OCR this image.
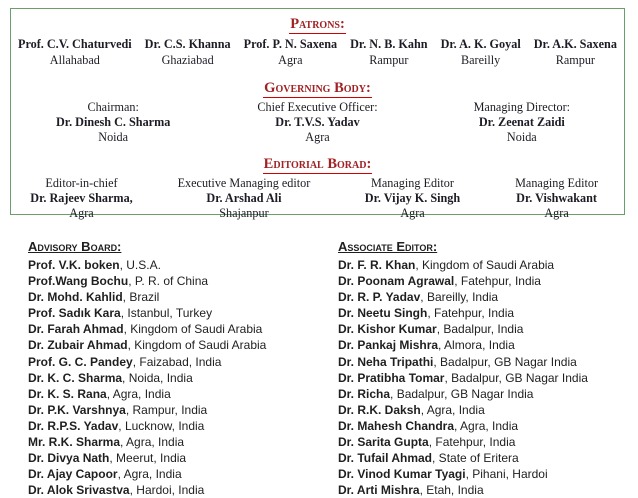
Patrons:
Prof. C.V. Chaturvedi
Allahabad
Dr. C.S. Khanna
Ghaziabad
Prof. P. N. Saxena
Agra
Dr. N. B. Kahn
Rampur
Dr. A. K. Goyal
Bareilly
Dr. A.K. Saxena
Rampur
Governing Body:
Chairman:
Dr. Dinesh C. Sharma
Noida
Chief Executive Officer:
Dr. T.V.S. Yadav
Agra
Managing Director:
Dr. Zeenat Zaidi
Noida
Editorial Borad:
Editor-in-chief
Dr. Rajeev Sharma,
Agra
Executive Managing editor
Dr. Arshad Ali
Shajanpur
Managing Editor
Dr. Vijay K. Singh
Agra
Managing Editor
Dr. Vishwakant
Agra
Advisory Board:
Prof. V.K. boken, U.S.A.
Prof.Wang Bochu, P. R. of China
Dr. Mohd. Kahlid, Brazil
Prof. Sadık Kara, Istanbul, Turkey
Dr. Farah Ahmad, Kingdom of Saudi Arabia
Dr. Zubair Ahmad, Kingdom of Saudi Arabia
Prof. G. C. Pandey, Faizabad, India
Dr. K. C. Sharma, Noida, India
Dr. K. S. Rana, Agra, India
Dr. P.K. Varshnya, Rampur, India
Dr. R.P.S. Yadav, Lucknow, India
Mr. R.K. Sharma, Agra, India
Dr. Divya Nath, Meerut, India
Dr. Ajay Capoor, Agra, India
Dr. Alok Srivastva, Hardoi, India
Associate Editor:
Dr. F. R. Khan, Kingdom of Saudi Arabia
Dr. Poonam Agrawal, Fatehpur, India
Dr. R. P. Yadav, Bareilly, India
Dr. Neetu Singh, Fatehpur, India
Dr. Kishor Kumar, Badalpur, India
Dr. Pankaj Mishra, Almora, India
Dr. Neha Tripathi, Badalpur, GB Nagar India
Dr. Pratibha Tomar, Badalpur, GB Nagar India
Dr. Richa, Badalpur, GB Nagar India
Dr. R.K. Daksh, Agra, India
Dr. Mahesh Chandra, Agra, India
Dr. Sarita Gupta, Fatehpur, India
Dr. Tufail Ahmad, State of Eritera
Dr. Vinod Kumar Tyagi, Pihani, Hardoi
Dr. Arti Mishra, Etah, India
